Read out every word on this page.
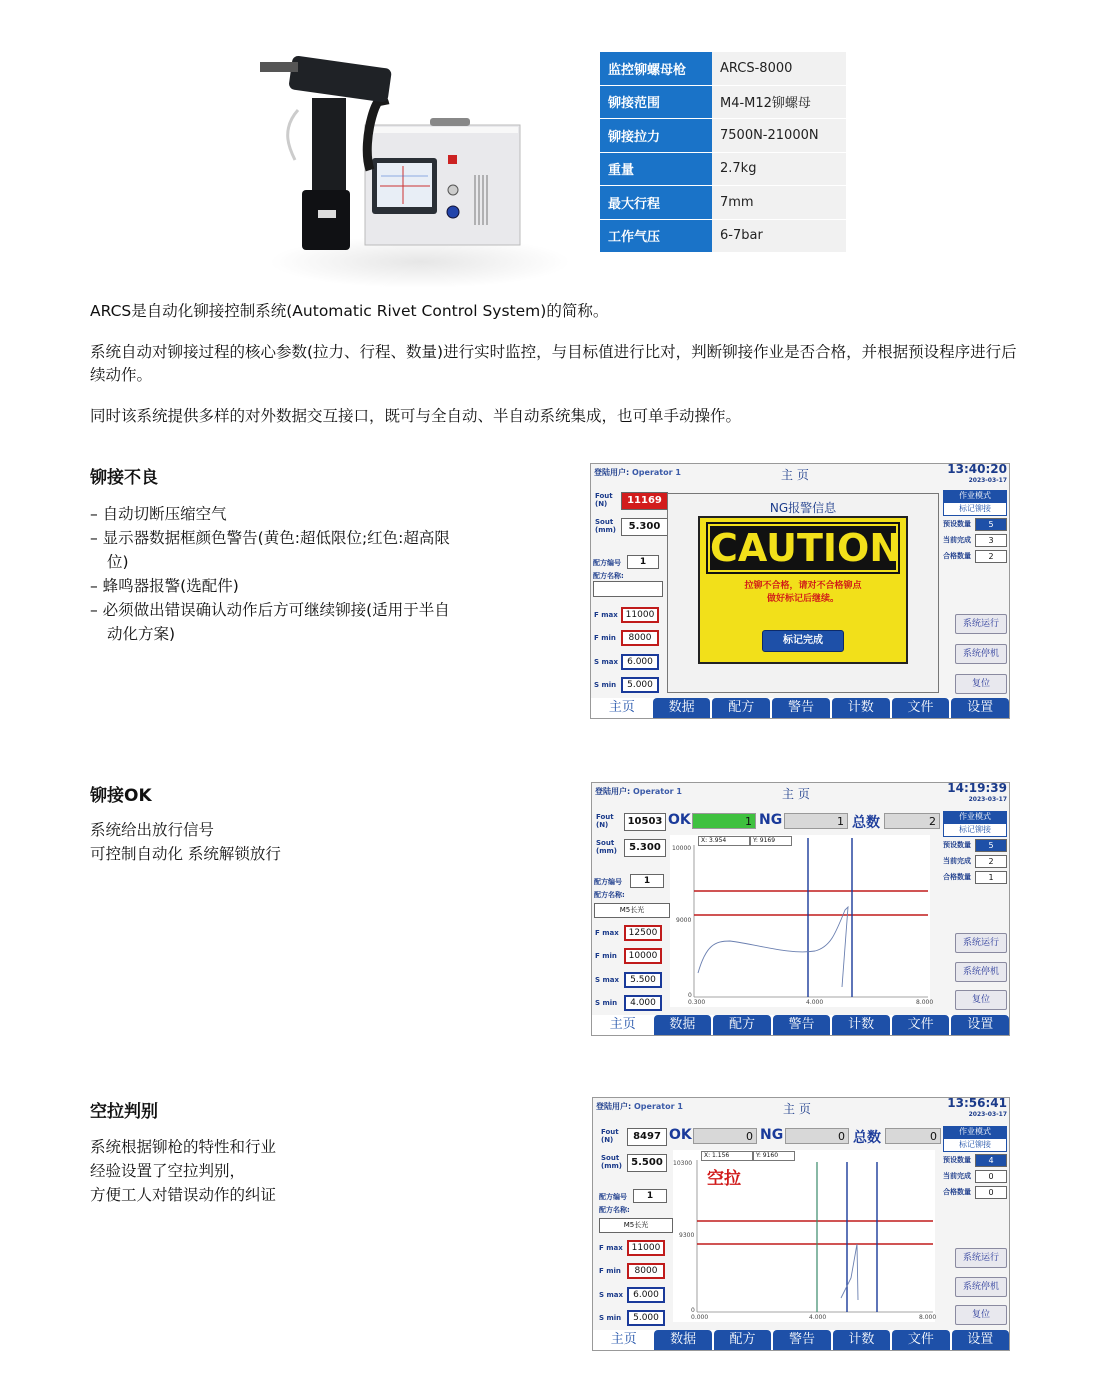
监控铆螺母枪	ARCS-8000
铆接范围	M4-M12铆螺母
铆接拉力	7500N-21000N
重量	2.7kg
最大行程	7mm
工作气压	6-7bar
ARCS是自动化铆接控制系统(Automatic Rivet Control System)的简称。
系统自动对铆接过程的核心参数(拉力、行程、数量)进行实时监控，与目标值进行比对，判断铆接作业是否合格，并根据预设程序进行后续动作。
同时该系统提供多样的对外数据交互接口，既可与全自动、半自动系统集成，也可单手动操作。
铆接不良
– 自动切断压缩空气
– 显示器数据框颜色警告(黄色:超低限位;红色:超高限位)
– 蜂鸣器报警(选配件)
– 必须做出错误确认动作后方可继续铆接(适用于半自动化方案)
铆接OK
系统给出放行信号
可控制自动化 系统解锁放行
空拉判别
系统根据铆枪的特性和行业
经验设置了空拉判别，
方便工人对错误动作的纠证
登陆用户: Operator 1	主 页	13:40:20
2023-03-17
Fout (N)	11169
Sout (mm)	5.300
配方编号	1
配方名称:
F max 11000
F min	8000
S max	6.000
S min	5.000
作业模式
标记铆接
预设数量	5
当前完成	3
合格数量	2
系统运行
系统停机
复位
NG报警信息
CAUTION
拉铆不合格，请对不合格铆点
做好标记后继续。
标记完成
主页	数据	配方	警告	计数	文件	设置
登陆用户: Operator 1	主 页	14:19:39
2023-03-17
Fout (N)	10503 OK	1 NG	1 总数	2
Sout (mm)	5.300
配方编号	1
配方名称:
M5长光
F max	12500
F min	10000
S max	5.500
S min	4.000
X: 3.954	Y: 9169
10000
9000
0
0.300	4.000	8.000
作业模式
标记铆接
预设数量	5
当前完成	2
合格数量	1
系统运行
系统停机
复位
主页	数据	配方	警告	计数	文件	设置
登陆用户: Operator 1	主 页	13:56:41
2023-03-17
Fout (N)	8497 OK	0 NG	0 总数	0
Sout (mm) 5.500
配方编号	1
配方名称:
M5长光
F max 11000
F min	8000
S max	6.000
S min	5.000
X: 1.156	Y: 9160
空拉
10300
9300
0
0.000	4.000	8.000
作业模式
标记铆接
预设数量	4
当前完成	0
合格数量	0
系统运行
系统停机
复位
主页	数据	配方	警告	计数	文件	设置
